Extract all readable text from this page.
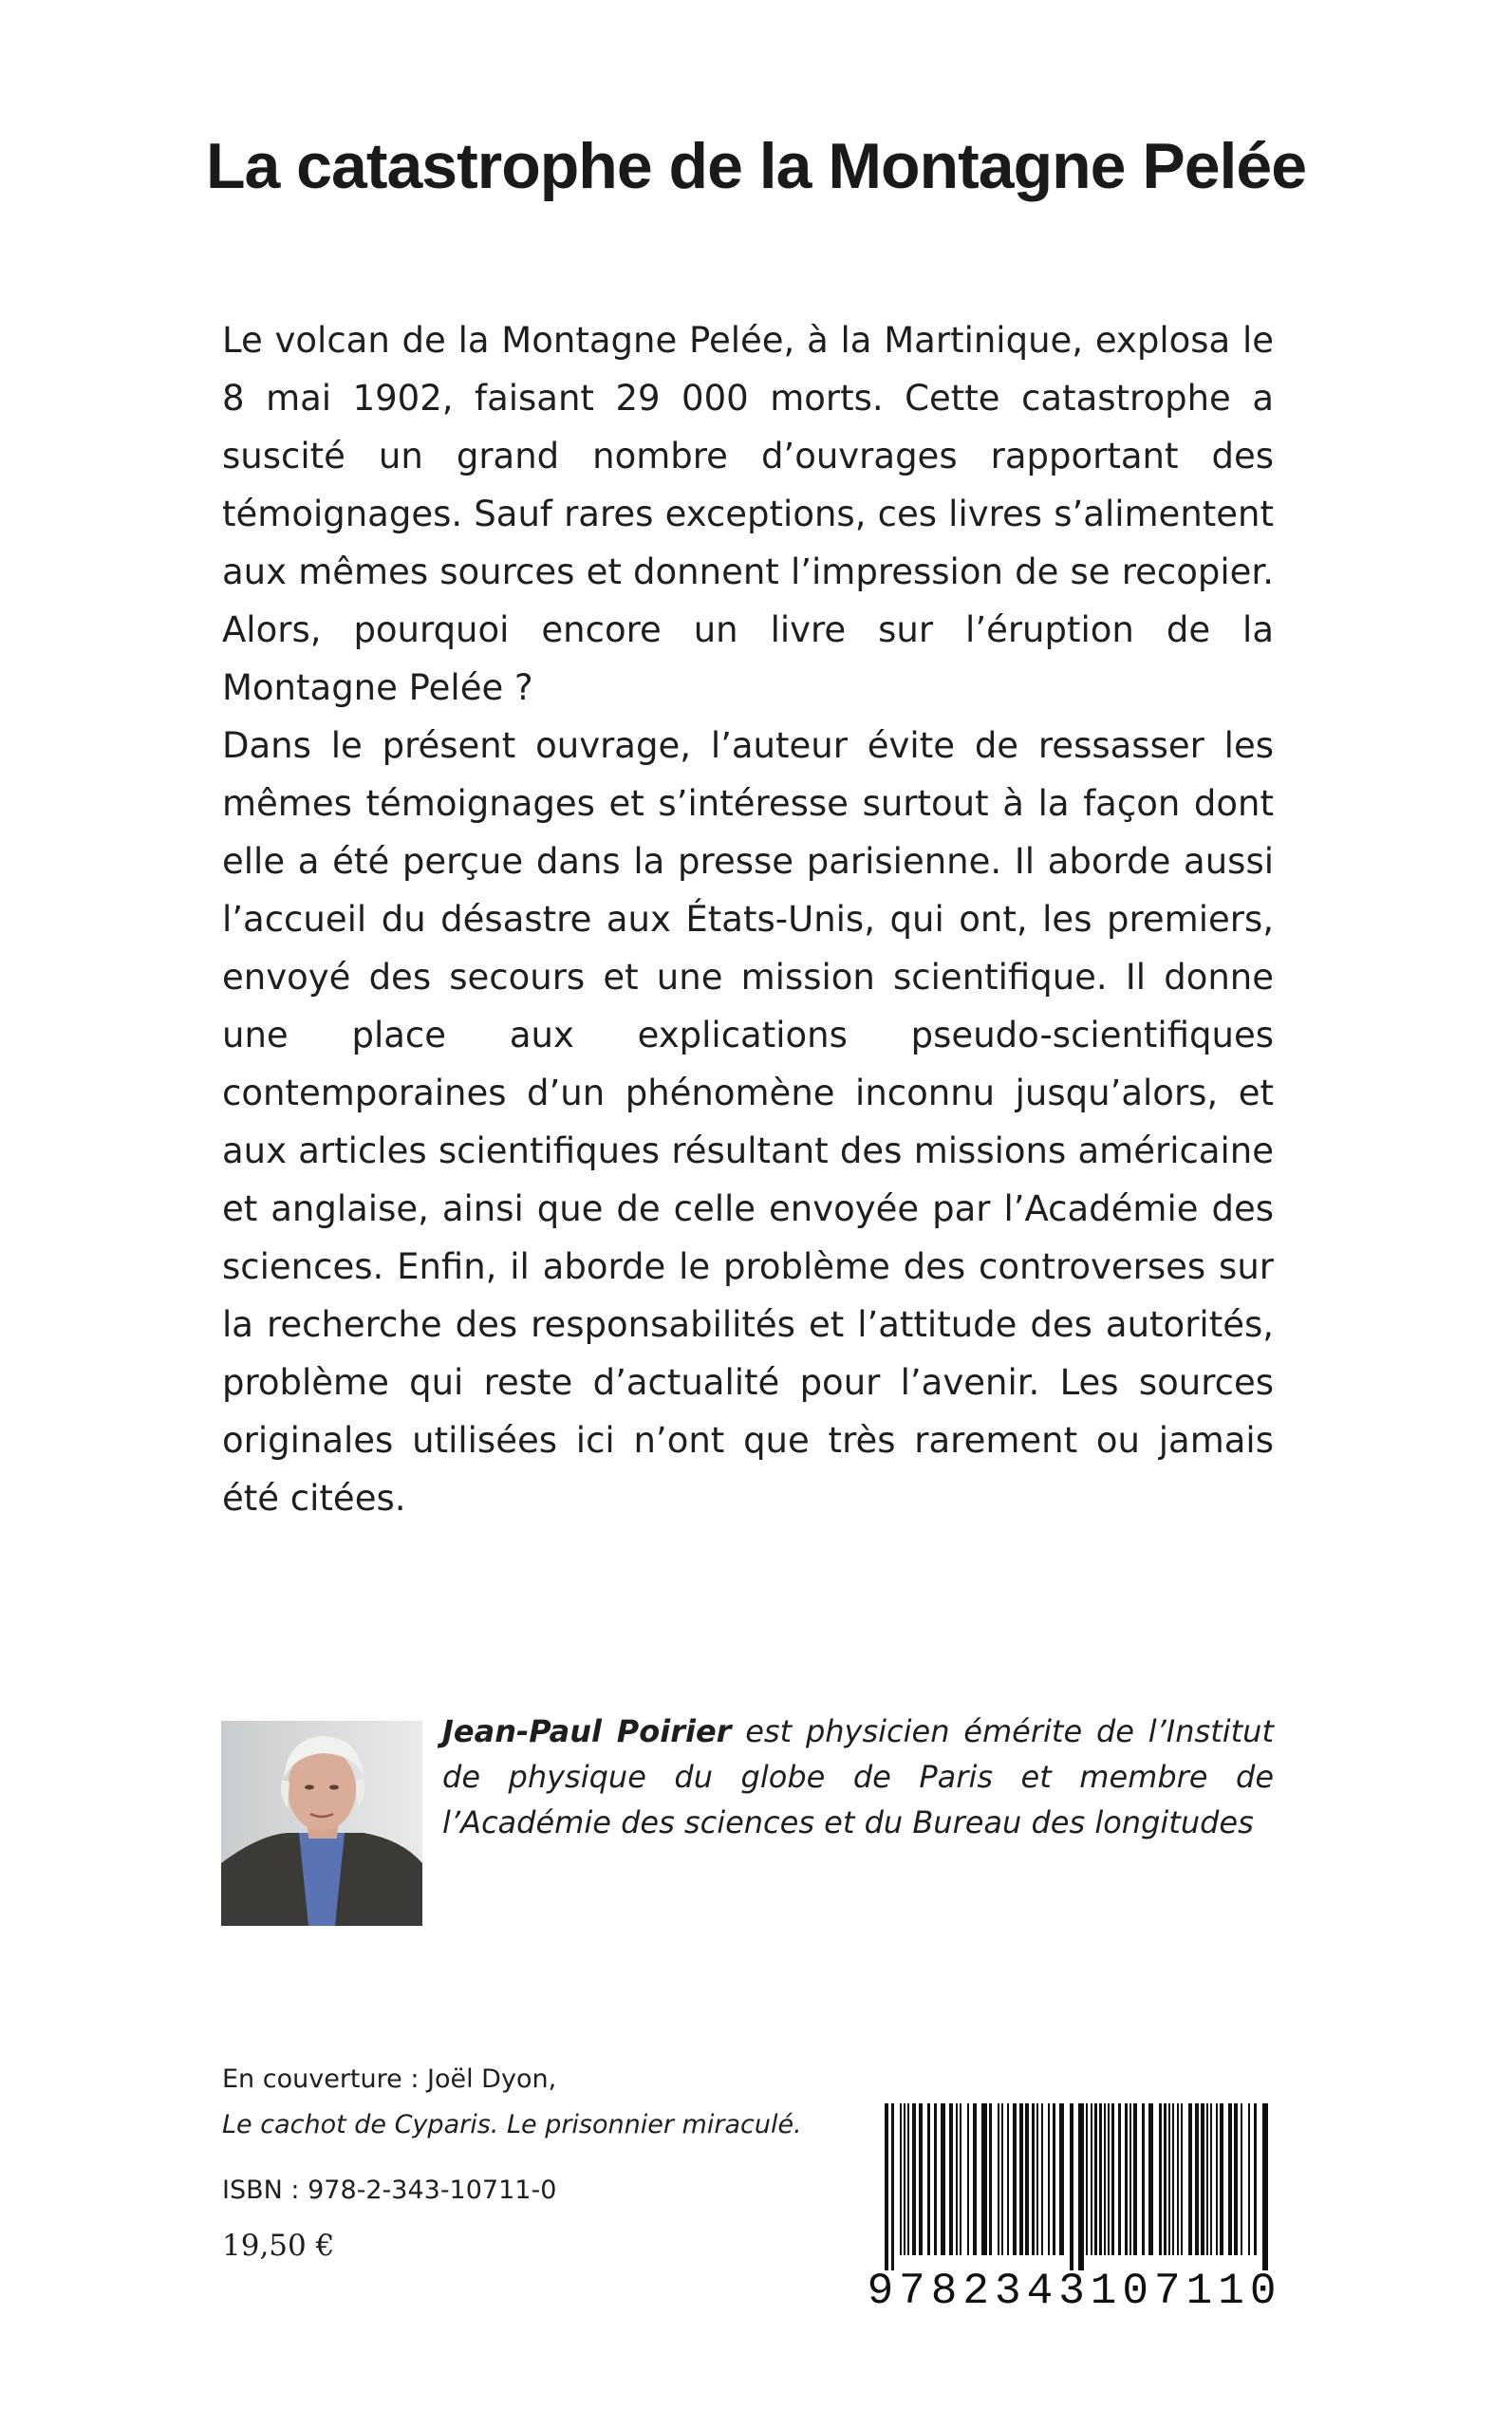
La catastrophe de la Montagne Pelée

Le volcan de la Montagne Pelée, à la Martinique, explosa le 8 mai 1902, faisant 29 000 morts. Cette catastrophe a suscité un grand nombre d’ouvrages rapportant des témoignages. Sauf rares exceptions, ces livres s’alimentent aux mêmes sources et donnent l’impression de se recopier. Alors, pourquoi encore un livre sur l’éruption de la Montagne Pelée ?

Dans le présent ouvrage, l’auteur évite de ressasser les mêmes témoignages et s’intéresse surtout à la façon dont elle a été perçue dans la presse parisienne. Il aborde aussi l’accueil du désastre aux États-Unis, qui ont, les premiers, envoyé des secours et une mission scientifique. Il donne une place aux explications pseudo-scientifiques contemporaines d’un phénomène inconnu jusqu’alors, et aux articles scientifiques résultant des missions américaine et anglaise, ainsi que de celle envoyée par l’Académie des sciences. Enfin, il aborde le problème des controverses sur la recherche des responsabilités et l’attitude des autorités, problème qui reste d’actualité pour l’avenir. Les sources originales utilisées ici n’ont que très rarement ou jamais été citées.

Jean-Paul Poirier est physicien émérite de l’Institut de physique du globe de Paris et membre de l’Académie des sciences et du Bureau des longitudes
En couverture : Joël Dyon,
Le cachot de Cyparis. Le prisonnier miraculé.
ISBN : 978-2-343-10711-0
19,50 €
9782343107110
